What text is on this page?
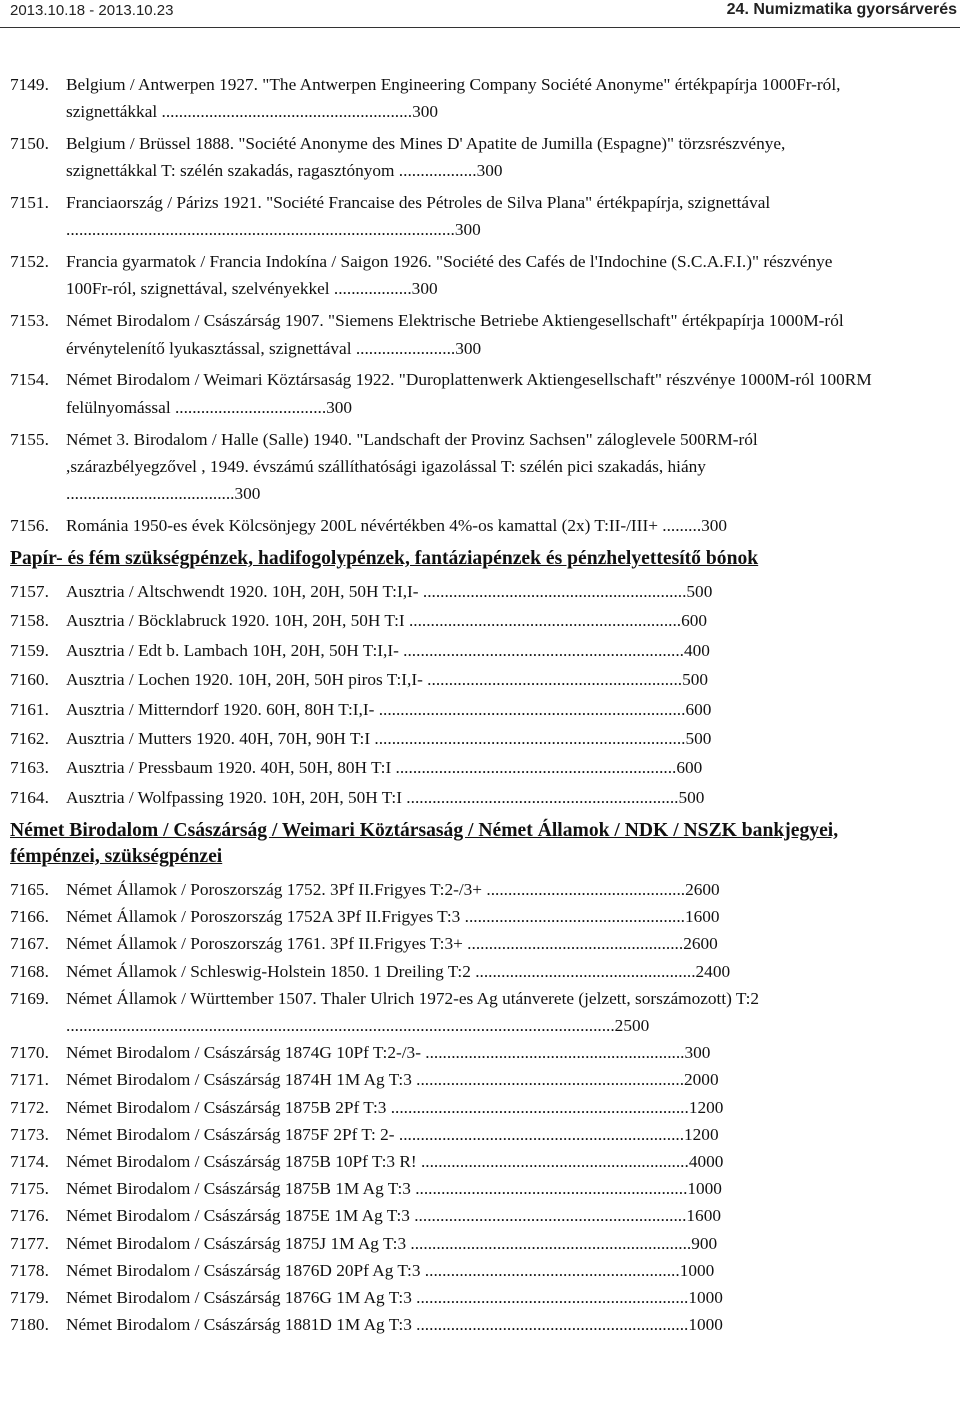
2013.10.18 - 2013.10.23	24. Numizmatika gyorsárverés
7149. Belgium / Antwerpen 1927. "The Antwerpen Engineering Company Société Anonyme" értékpapírja 1000Fr-ról, szignettákkal ..........................................................300
7150. Belgium / Brüssel 1888. "Société Anonyme des Mines D' Apatite de Jumilla (Espagne)" törzsrészvénye, szignettákkal T: szélén szakadás, ragasztónyom ..................300
7151. Franciaország / Párizs 1921. "Société Francaise des Pétroles de Silva Plana" értékpapírja, szignettával ..........................................................................................300
7152. Francia gyarmatok / Francia Indokína / Saigon 1926. "Société des Cafés de l'Indochine (S.C.A.F.I.)" részvénye 100Fr-ról, szignettával, szelvényekkel ..................300
7153. Német Birodalom / Császárság 1907. "Siemens Elektrische Betriebe Aktiengesellschaft" értékpapírja 1000M-ról érvénytelenítő lyukasztással, szignettával .......................300
7154. Német Birodalom / Weimari Köztársaság 1922. "Duroplattenwerk Aktiengesellschaft" részvénye 1000M-ról 100RM felülnyomással ...................................300
7155. Német 3. Birodalom / Halle (Salle) 1940. "Landschaft der Provinz Sachsen" záloglevele 500RM-ról ,szárazbélyegzővel , 1949. évszámú szállíthatósági igazolással T: szélén pici szakadás, hiány .......................................300
7156. Románia 1950-es évek Kölcsönjegy 200L névértékben 4%-os kamattal (2x) T:II-/III+ .........300
Papír- és fém szükségpénzek, hadifogolypénzek, fantáziapénzek és pénzhelyettesítő bónok
7157. Ausztria / Altschwendt 1920. 10H, 20H, 50H T:I,I- .............................................................500
7158. Ausztria / Böcklabruck 1920. 10H, 20H, 50H T:I ...............................................................600
7159. Ausztria / Edt b. Lambach 10H, 20H, 50H T:I,I- .................................................................400
7160. Ausztria / Lochen 1920. 10H, 20H, 50H piros T:I,I- ...........................................................500
7161. Ausztria / Mitterndorf 1920. 60H, 80H T:I,I- .......................................................................600
7162. Ausztria / Mutters 1920. 40H, 70H, 90H T:I ........................................................................500
7163. Ausztria / Pressbaum 1920. 40H, 50H, 80H T:I .................................................................600
7164. Ausztria / Wolfpassing 1920. 10H, 20H, 50H T:I ...............................................................500
Német Birodalom / Császárság / Weimari Köztársaság / Német Államok / NDK / NSZK bankjegyei, fémpénzei, szükségpénzei
7165. Német Államok / Poroszország 1752. 3Pf II.Frigyes T:2-/3+ ..............................................2600
7166. Német Államok / Poroszország 1752A 3Pf II.Frigyes T:3 ...................................................1600
7167. Német Államok / Poroszország 1761. 3Pf II.Frigyes T:3+ ..................................................2600
7168. Német Államok / Schleswig-Holstein 1850. 1 Dreiling T:2 ...................................................2400
7169. Német Államok / Württember 1507. Thaler Ulrich 1972-es Ag utánverete (jelzett, sorszámozott) T:2 ...............................................................................................................................2500
7170. Német Birodalom / Császárság 1874G 10Pf T:2-/3- ............................................................300
7171. Német Birodalom / Császárság 1874H 1M Ag T:3 ..............................................................2000
7172. Német Birodalom / Császárság 1875B 2Pf T:3 .....................................................................1200
7173. Német Birodalom / Császárság 1875F 2Pf T: 2- ..................................................................1200
7174. Német Birodalom / Császárság 1875B 10Pf T:3 R! ..............................................................4000
7175. Német Birodalom / Császárság 1875B 1M Ag T:3 ...............................................................1000
7176. Német Birodalom / Császárság 1875E 1M Ag T:3 ...............................................................1600
7177. Német Birodalom / Császárság 1875J 1M Ag T:3 .................................................................900
7178. Német Birodalom / Császárság 1876D 20Pf Ag T:3 ...........................................................1000
7179. Német Birodalom / Császárság 1876G 1M Ag T:3 ...............................................................1000
7180. Német Birodalom / Császárság 1881D 1M Ag T:3 ...............................................................1000
